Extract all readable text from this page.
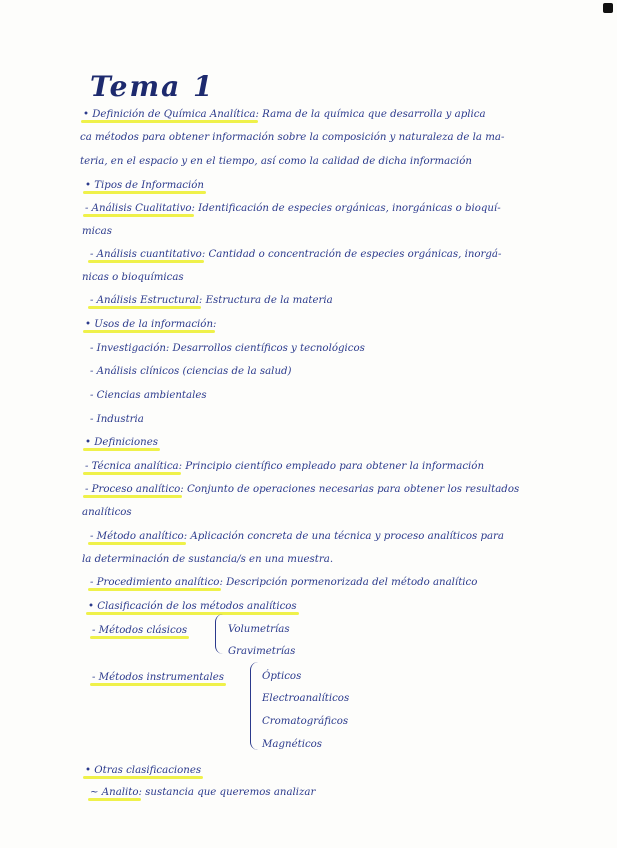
Tema 1
• Definición de Química Analítica: Rama de la química que desarrolla y aplica
ca métodos para obtener información sobre la composición y naturaleza de la ma-
teria, en el espacio y en el tiempo, así como la calidad de dicha información
• Tipos de Información
- Análisis Cualitativo: Identificación de especies orgánicas, inorgánicas o bioquí-
micas
- Análisis cuantitativo: Cantidad o concentración de especies orgánicas, inorgá-
nicas o bioquímicas
- Análisis Estructural: Estructura de la materia
• Usos de la información:
- Investigación: Desarrollos científicos y tecnológicos
- Análisis clínicos (ciencias de la salud)
- Ciencias ambientales
- Industria
• Definiciones
- Técnica analítica: Principio científico empleado para obtener la información
- Proceso analítico: Conjunto de operaciones necesarias para obtener los resultados
analíticos
- Método analítico: Aplicación concreta de una técnica y proceso analíticos para
la determinación de sustancia/s en una muestra.
- Procedimiento analítico: Descripción pormenorizada del método analítico
• Clasificación de los métodos analíticos
- Métodos clásicos	Volumetrías
Gravimetrías
- Métodos instrumentales	Ópticos
Electroanalíticos
Cromatográficos
Magnéticos
• Otras clasificaciones
~ Analito: sustancia que queremos analizar
